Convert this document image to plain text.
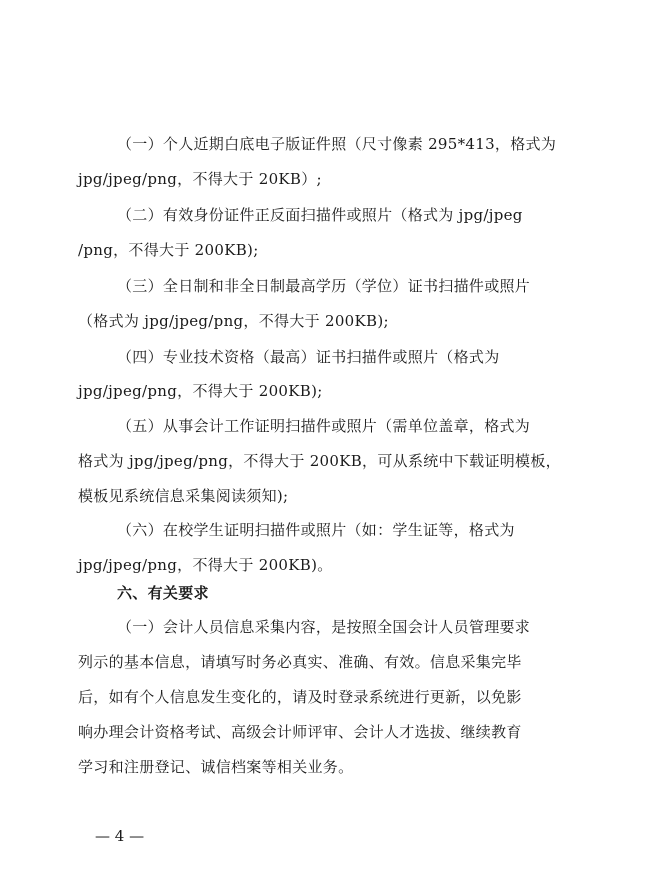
（一）个人近期白底电子版证件照（尺寸像素 295*413，格式为
jpg/jpeg/png，不得大于 20KB）;
（二）有效身份证件正反面扫描件或照片（格式为 jpg/jpeg
/png，不得大于 200KB);
（三）全日制和非全日制最高学历（学位）证书扫描件或照片
（格式为 jpg/jpeg/png，不得大于 200KB);
（四）专业技术资格（最高）证书扫描件或照片（格式为
jpg/jpeg/png，不得大于 200KB);
（五）从事会计工作证明扫描件或照片（需单位盖章，格式为
格式为 jpg/jpeg/png，不得大于 200KB，可从系统中下载证明模板，
模板见系统信息采集阅读须知);
（六）在校学生证明扫描件或照片（如：学生证等，格式为
jpg/jpeg/png，不得大于 200KB)。
六、有关要求
（一）会计人员信息采集内容，是按照全国会计人员管理要求
列示的基本信息，请填写时务必真实、准确、有效。信息采集完毕
后，如有个人信息发生变化的，请及时登录系统进行更新，以免影
响办理会计资格考试、高级会计师评审、会计人才选拔、继续教育
学习和注册登记、诚信档案等相关业务。
— 4 —
